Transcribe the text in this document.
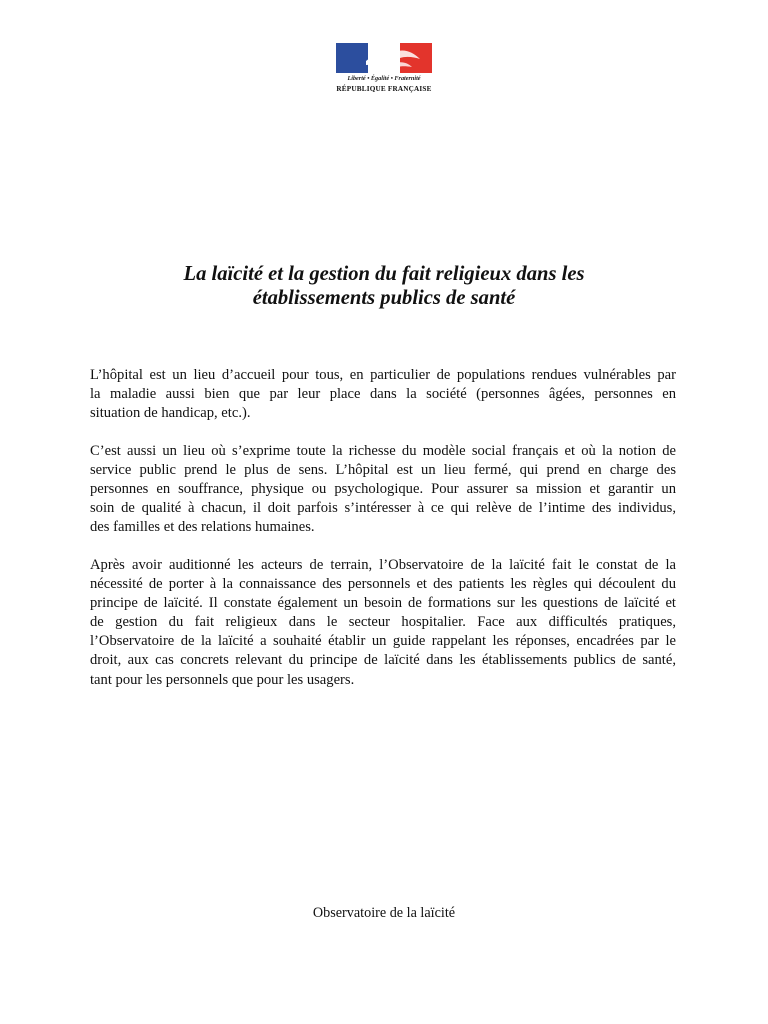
Liberté • Égalité • Fraternité
RÉPUBLIQUE FRANÇAISE
La laïcité et la gestion du fait religieux dans les
établissements publics de santé
L’hôpital est un lieu d’accueil pour tous, en particulier de populations rendues vulnérables par
la maladie aussi bien que par leur place dans la société (personnes âgées, personnes en
situation de handicap, etc.).
C’est aussi un lieu où s’exprime toute la richesse du modèle social français et où la notion de
service public prend le plus de sens. L’hôpital est un lieu fermé, qui prend en charge des
personnes en souffrance, physique ou psychologique. Pour assurer sa mission et garantir un
soin de qualité à chacun, il doit parfois s’intéresser à ce qui relève de l’intime des individus,
des familles et des relations humaines.
Après avoir auditionné les acteurs de terrain, l’Observatoire de la laïcité fait le constat de la
nécessité de porter à la connaissance des personnels et des patients les règles qui découlent du
principe de laïcité. Il constate également un besoin de formations sur les questions de laïcité et
de gestion du fait religieux dans le secteur hospitalier. Face aux difficultés pratiques,
l’Observatoire de la laïcité a souhaité établir un guide rappelant les réponses, encadrées par le
droit, aux cas concrets relevant du principe de laïcité dans les établissements publics de santé,
tant pour les personnels que pour les usagers.
Observatoire de la laïcité
